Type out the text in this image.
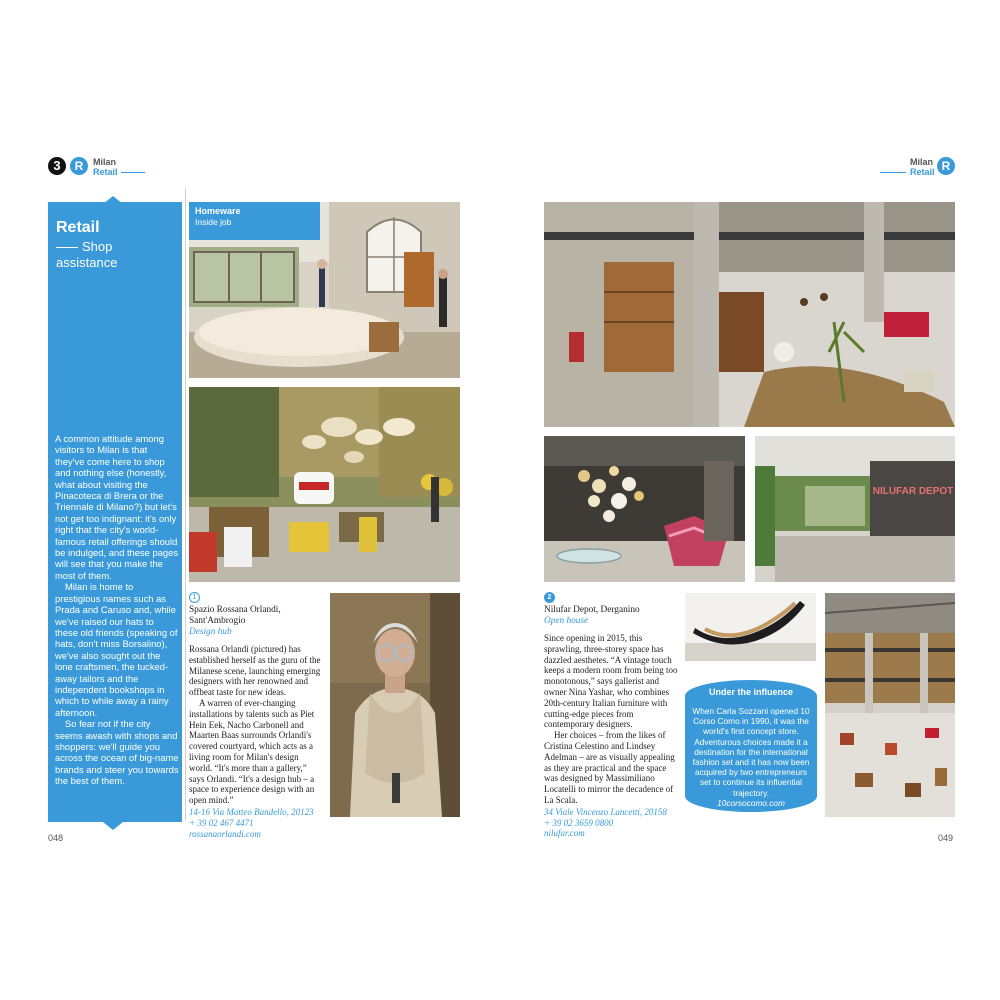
3	R	Milan
Retail
Milan
Retail R
Retail
Shop assistance

A common attitude among visitors to Milan is that they've come here to shop and nothing else (honestly, what about visiting the Pinacoteca di Brera or the Triennale di Milano?) but let's not get too indignant: it's only right that the city's world-famous retail offerings should be indulged, and these pages will see that you make the most of them.

Milan is home to prestigious names such as Prada and Caruso and, while we've raised our hats to these old friends (speaking of hats, don't miss Borsalino), we've also sought out the lone craftsmen, the tucked-away tailors and the independent bookshops in which to while away a rainy afternoon.

So fear not if the city seems awash with shops and shoppers: we'll guide you across the ocean of big-name brands and steer you towards the best of them.

Homeware
Inside job
1
Spazio Rossana Orlandi, Sant'Ambrogio
Design hub

Rossana Orlandi (pictured) has established herself as the guru of the Milanese scene, launching emerging designers with her renowned and offbeat taste for new ideas.

A warren of ever-changing installations by talents such as Piet Hein Eek, Nacho Carbonell and Maarten Baas surrounds Orlandi's covered courtyard, which acts as a living room for Milan's design world. “It's more than a gallery,” says Orlandi. “It's a design hub – a space to experience design with an open mind.”

14-16 Via Matteo Bandello, 20123
+ 39 02 467 4471
rossanaorlandi.com
048
NILUFAR DEPOT
2
Nilufar Depot, Derganino
Open house

Since opening in 2015, this sprawling, three-storey space has dazzled aesthetes. “A vintage touch keeps a modern room from being too monotonous,” says gallerist and owner Nina Yashar, who combines 20th-century Italian furniture with cutting-edge pieces from contemporary designers.

Her choices – from the likes of Cristina Celestino and Lindsey Adelman – are as visually appealing as they are practical and the space was designed by Massimiliano Locatelli to mirror the decadence of La Scala.

34 Viale Vincenzo Lancetti, 20158
+ 39 02 3659 0800
nilufar.com
Under the influence
When Carla Sozzani opened 10 Corso Como in 1990, it was the world's first concept store. Adventurous choices made it a destination for the international fashion set and it has now been acquired by two entrepreneurs set to continue its influential trajectory.
10corsocomo.com
049
